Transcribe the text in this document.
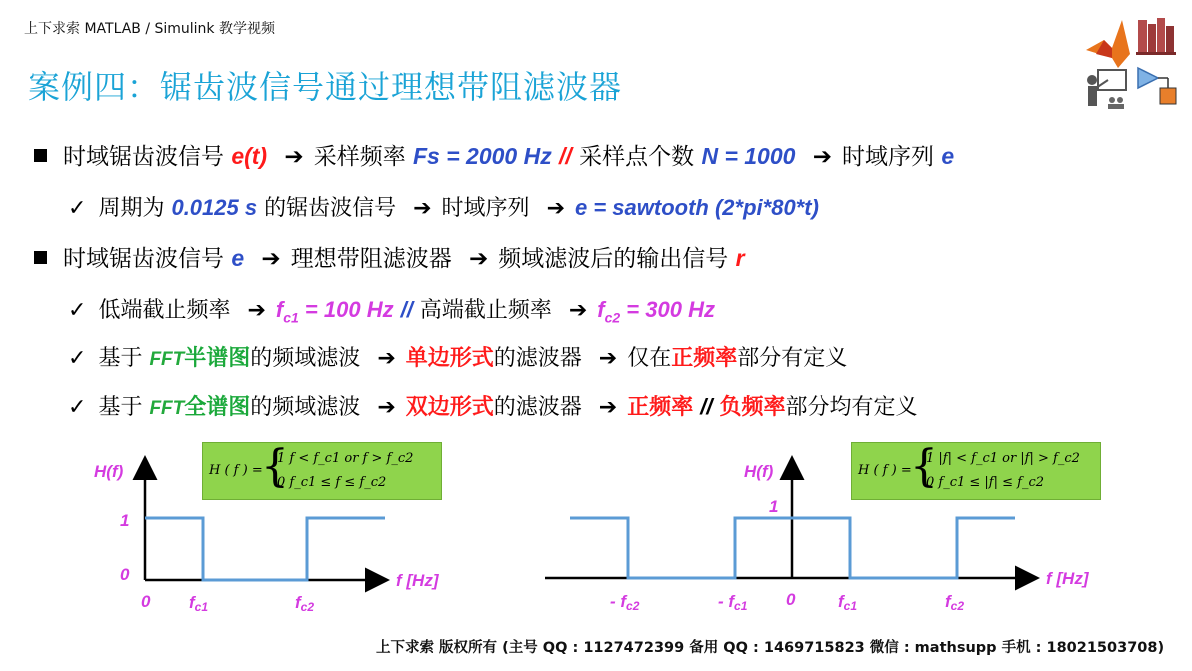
上下求索 MATLAB / Simulink 教学视频
案例四：锯齿波信号通过理想带阻滤波器
时域锯齿波信号 e(t) ➔ 采样频率 Fs = 2000 Hz // 采样点个数 N = 1000 ➔ 时域序列 e
✓ 周期为 0.0125 s 的锯齿波信号 ➔ 时域序列 ➔ e = sawtooth (2*pi*80*t)
时域锯齿波信号 e ➔ 理想带阻滤波器 ➔ 频域滤波后的输出信号 r
✓ 低端截止频率 ➔ $f_{c1} = 100$ Hz // 高端截止频率 ➔ $f_{c2} = 300$ Hz
✓ 基于 FFT半谱图的频域滤波 ➔ 单边形式的滤波器 ➔ 仅在正频率部分有定义
✓ 基于 FFT全谱图的频域滤波 ➔ 双边形式的滤波器 ➔ 正频率 // 负频率部分均有定义
H ( f ) =
{
1 f < f_c1 or f > f_c2
0 f_c1 ≤ f ≤ f_c2
H ( f ) =
{
1 |f| < f_c1 or |f| > f_c2
0 f_c1 ≤ |f| ≤ f_c2
H(f)
f [Hz]
1
0
0 fc1	fc2
H(f)
f [Hz]
1
- fc2	- fc1 0	fc1	fc2
上下求索 版权所有 (主号 QQ : 1127472399 备用 QQ : 1469715823 微信 : mathsupp 手机 : 18021503708)
